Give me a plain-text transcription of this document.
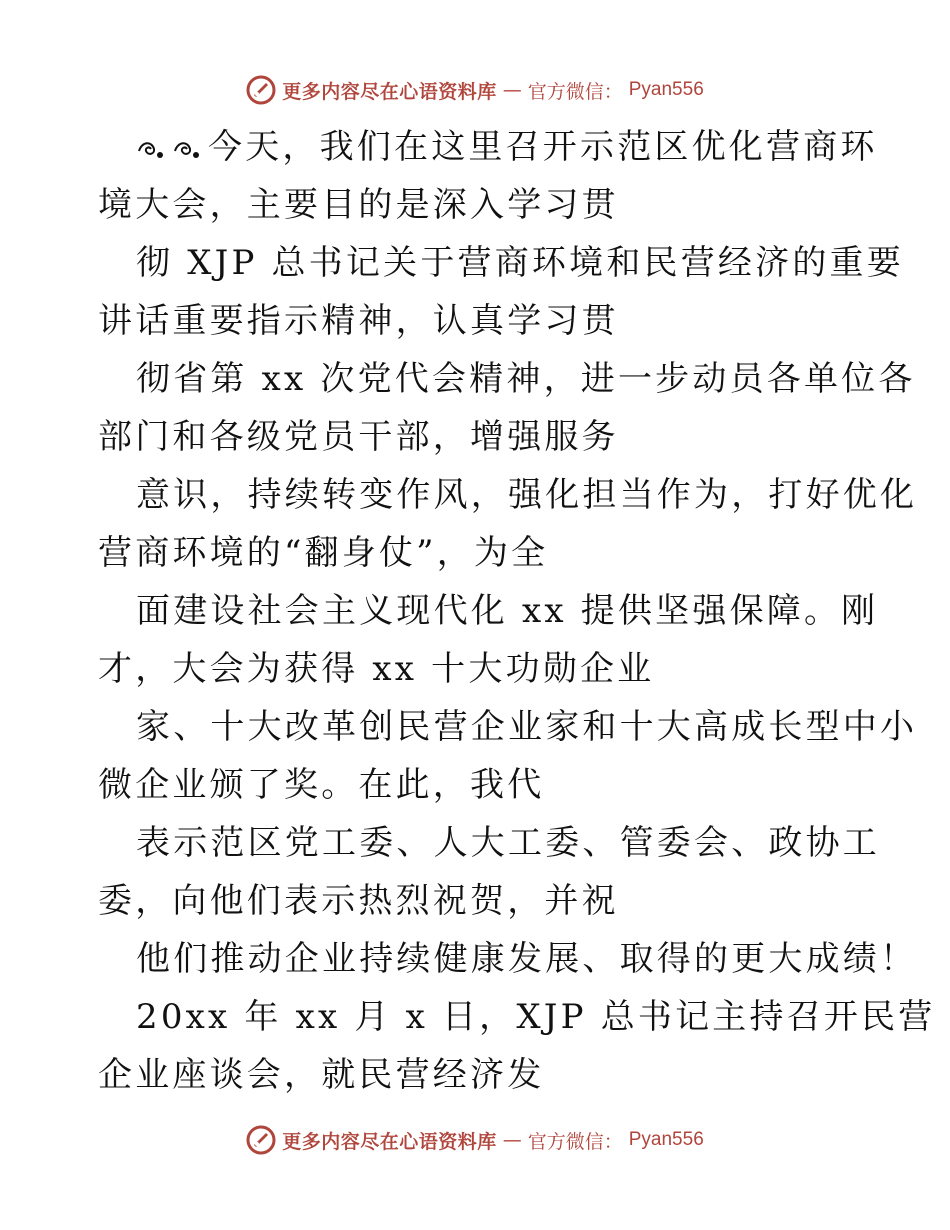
更多内容尽在心语资料库 — 官方微信： Pyan556
今天，我们在这里召开示范区优化营商环
境大会，主要目的是深入学习贯
彻 XJP 总书记关于营商环境和民营经济的重要
讲话重要指示精神，认真学习贯
彻省第 xx 次党代会精神，进一步动员各单位各
部门和各级党员干部，增强服务
意识，持续转变作风，强化担当作为，打好优化
营商环境的“翻身仗”，为全
面建设社会主义现代化 xx 提供坚强保障。刚
才，大会为获得 xx 十大功勋企业
家、十大改革创民营企业家和十大高成长型中小
微企业颁了奖。在此，我代
表示范区党工委、人大工委、管委会、政协工
委，向他们表示热烈祝贺，并祝
他们推动企业持续健康发展、取得的更大成绩！
20xx 年 xx 月 x 日，XJP 总书记主持召开民营
企业座谈会，就民营经济发
更多内容尽在心语资料库 — 官方微信： Pyan556
